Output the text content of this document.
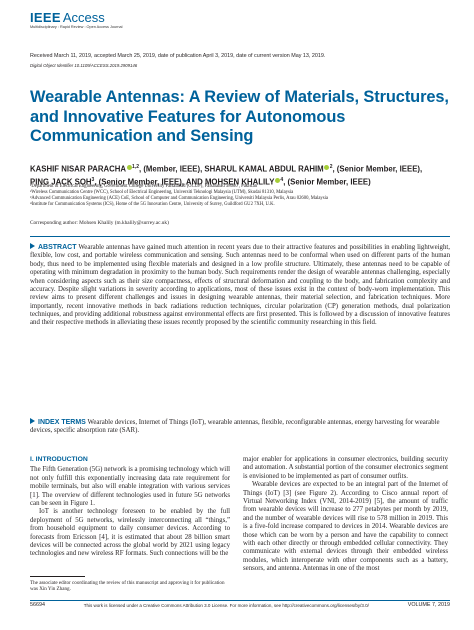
IEEE Access
Multidisciplinary : Rapid Review : Open Access Journal
Received March 11, 2019, accepted March 25, 2019, date of publication April 3, 2019, date of current version May 13, 2019.
Digital Object Identifier 10.1109/ACCESS.2019.2909146
Wearable Antennas: A Review of Materials, Structures, and Innovative Features for Autonomous Communication and Sensing
KASHIF NISAR PARACHA $^{1,2}$, (Member, IEEE), SHARUL KAMAL ABDUL RAHIM $^2$, (Senior Member, IEEE),
PING JACK SOH$^3$, (Senior Member, IEEE), AND MOHSEN KHALILY $^4$, (Senior Member, IEEE)
¹Department of Electrical Engineering, Government College University Faisalabad (GCUF), Faisalabad 38000 , Pakistan
²Wireless Communication Centre (WCC), School of Electrical Engineering, Universiti Teknologi Malaysia (UTM), Skudai 81310, Malaysia
³Advanced Communication Engineering (ACE) CoE, School of Computer and Communication Engineering, Universiti Malaysia Perlis, Arau 02600, Malaysia
⁴Institute for Communication Systems (ICS), Home of the 5G Innovation Centre, University of Surrey, Guildford GU2 7XH, U.K.
Corresponding author: Mohsen Khalily (m.khalily@surrey.ac.uk)

ABSTRACT Wearable antennas have gained much attention in recent years due to their attractive features and possibilities in enabling lightweight, flexible, low cost, and portable wireless communication and sensing. Such antennas need to be conformal when used on different parts of the human body, thus need to be implemented using flexible materials and designed in a low profile structure. Ultimately, these antennas need to be capable of operating with minimum degradation in proximity to the human body. Such requirements render the design of wearable antennas challenging, especially when considering aspects such as their size compactness, effects of structural deformation and coupling to the body, and fabrication complexity and accuracy. Despite slight variations in severity according to applications, most of these issues exist in the context of body-worn implementation. This review aims to present different challenges and issues in designing wearable antennas, their material selection, and fabrication techniques. More importantly, recent innovative methods in back radiations reduction techniques, circular polarization (CP) generation methods, dual polarization techniques, and providing additional robustness against environmental effects are first presented. This is followed by a discussion of innovative features and their respective methods in alleviating these issues recently proposed by the scientific community researching in this field.

INDEX TERMS Wearable devices, Internet of Things (IoT), wearable antennas, flexible, reconfigurable antennas, energy harvesting for wearable devices, specific absorption rate (SAR).
I. INTRODUCTION

The Fifth Generation (5G) network is a promising technology which will not only fulfill this exponentially increasing data rate requirement for mobile terminals, but also will enable integration with various services [1]. The overview of different technologies used in future 5G networks can be seen in Figure 1.

IoT is another technology foreseen to be enabled by the full deployment of 5G networks, wirelessly interconnecting all “things,” from household equipment to daily consumer devices. According to forecasts from Ericsson [4], it is estimated that about 28 billion smart devices will be connected across the global world by 2021 using legacy technologies and new wireless RF formats. Such connections will be the

major enabler for applications in consumer electronics, building security and automation. A substantial portion of the consumer electronics segment is envisioned to be implemented as part of consumer outfits.

Wearable devices are expected to be an integral part of the Internet of Things (IoT) [3] (see Figure 2). According to Cisco annual report of Virtual Networking Index (VNI, 2014-2019) [5], the amount of traffic from wearable devices will increase to 277 petabytes per month by 2019, and the number of wearable devices will rise to 578 million in 2019. This is a five-fold increase compared to devices in 2014. Wearable devices are those which can be worn by a person and have the capability to connect with each other directly or through embedded cellular connectivity. They communicate with external devices through their embedded wireless modules, which interoperate with other components such as a battery, sensors, and antenna. Antennas in one of the most

The associate editor coordinating the review of this manuscript and approving it for publication was Xin Yin Zhang.
56694	This work is licensed under a Creative Commons Attribution 3.0 License. For more information, see http://creativecommons.org/licenses/by/3.0/	VOLUME 7, 2019
